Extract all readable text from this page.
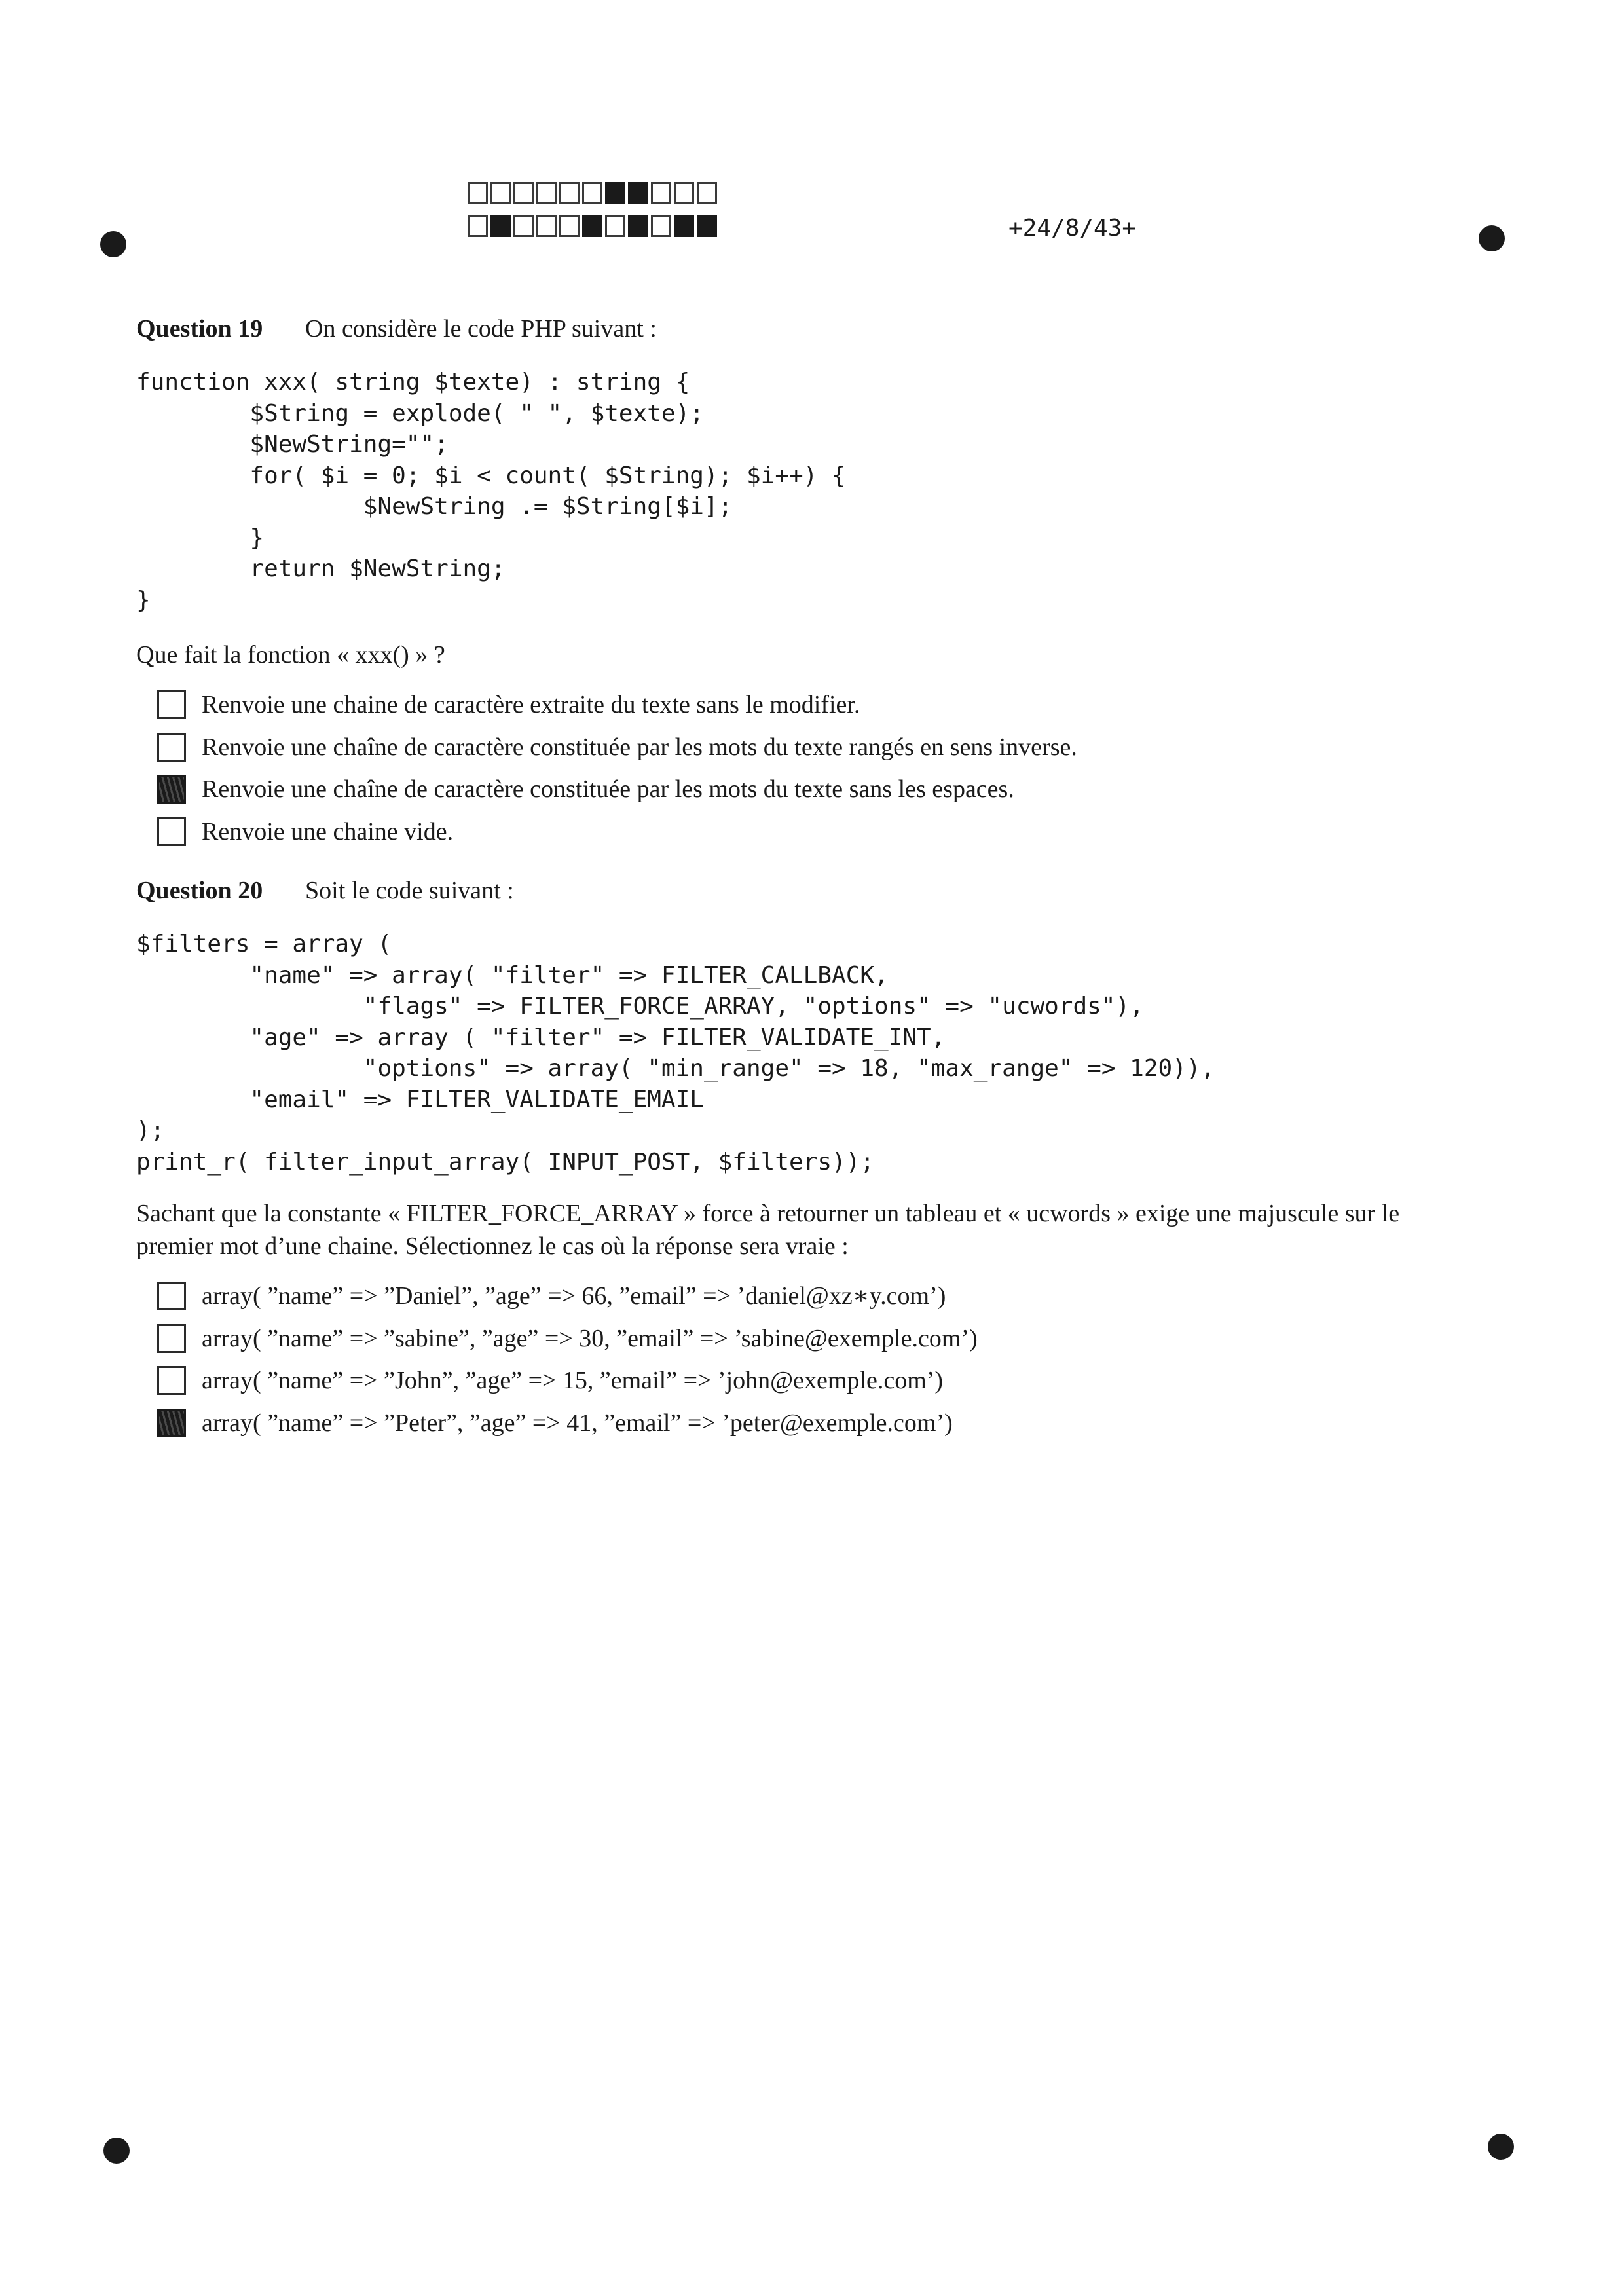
+24/8/43+
Question 19 On considère le code PHP suivant :
function xxx( string $texte) : string {
$String = explode( " ", $texte);
$NewString="";
for( $i = 0; $i < count( $String); $i++) {
$NewString .= $String[$i];
}
return $NewString;
}
Que fait la fonction « xxx() » ?
Renvoie une chaine de caractère extraite du texte sans le modifier.
Renvoie une chaîne de caractère constituée par les mots du texte rangés en sens inverse.
Renvoie une chaîne de caractère constituée par les mots du texte sans les espaces.
Renvoie une chaine vide.
Question 20 Soit le code suivant :
$filters = array (
"name" => array( "filter" => FILTER_CALLBACK,
"flags" => FILTER_FORCE_ARRAY, "options" => "ucwords"),
"age" => array ( "filter" => FILTER_VALIDATE_INT,
"options" => array( "min_range" => 18, "max_range" => 120)),
"email" => FILTER_VALIDATE_EMAIL
);
print_r( filter_input_array( INPUT_POST, $filters));
Sachant que la constante « FILTER_FORCE_ARRAY » force à retourner un tableau et « ucwords » exige une majuscule sur le
premier mot d’une chaine. Sélectionnez le cas où la réponse sera vraie :
array( ”name” => ”Daniel”, ”age” => 66, ”email” => ’daniel@xz∗y.com’)
array( ”name” => ”sabine”, ”age” => 30, ”email” => ’sabine@exemple.com’)
array( ”name” => ”John”, ”age” => 15, ”email” => ’john@exemple.com’)
array( ”name” => ”Peter”, ”age” => 41, ”email” => ’peter@exemple.com’)
